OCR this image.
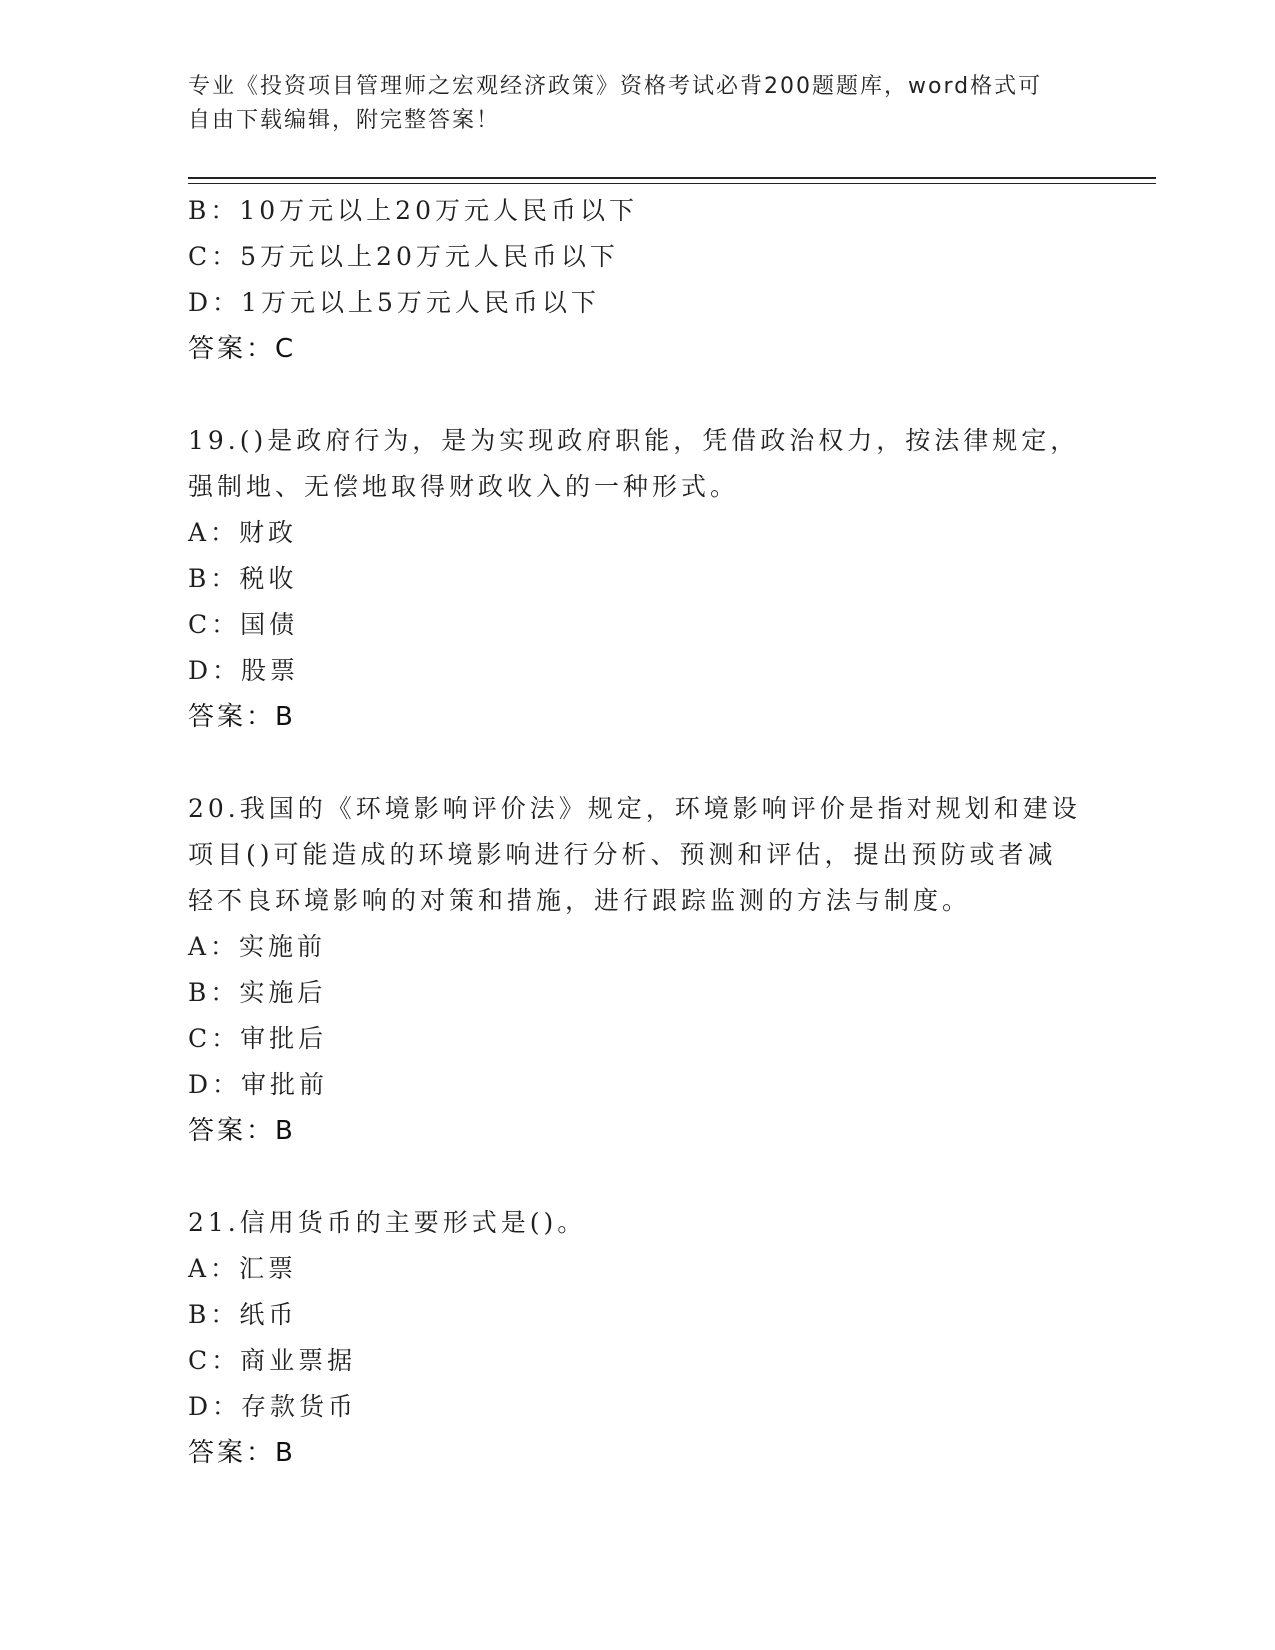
专业《投资项目管理师之宏观经济政策》资格考试必背200题题库，word格式可
自由下载编辑，附完整答案！
B：10万元以上20万元人民币以下
C：5万元以上20万元人民币以下
D：1万元以上5万元人民币以下
答案：C
19.()是政府行为，是为实现政府职能，凭借政治权力，按法律规定，
强制地、无偿地取得财政收入的一种形式。
A：财政
B：税收
C：国债
D：股票
答案：B
20.我国的《环境影响评价法》规定，环境影响评价是指对规划和建设
项目()可能造成的环境影响进行分析、预测和评估，提出预防或者减
轻不良环境影响的对策和措施，进行跟踪监测的方法与制度。
A：实施前
B：实施后
C：审批后
D：审批前
答案：B
21.信用货币的主要形式是()。
A：汇票
B：纸币
C：商业票据
D：存款货币
答案：B
